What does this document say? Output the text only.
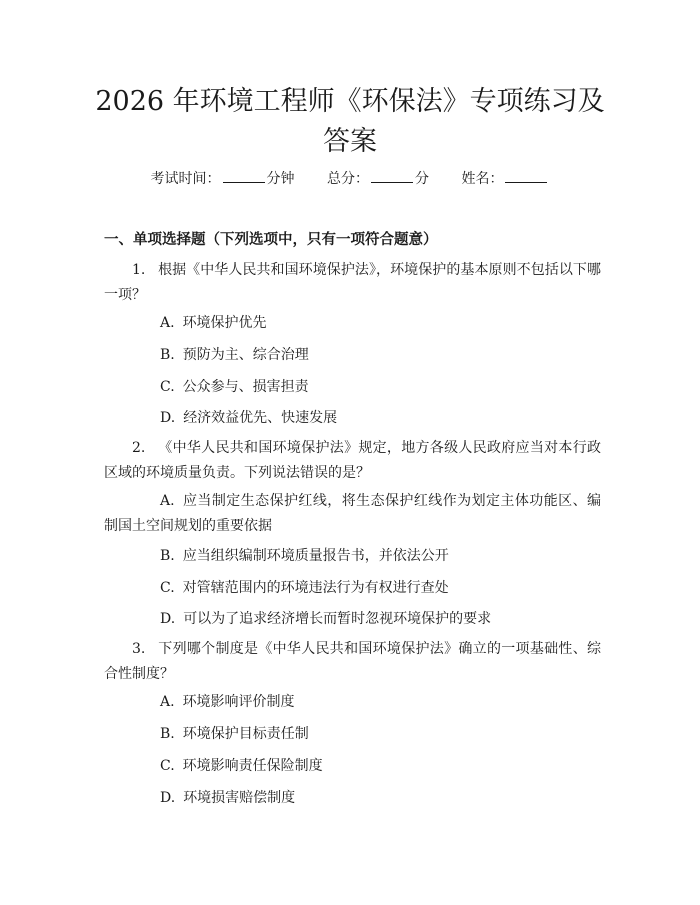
2026 年环境工程师《环保法》专项练习及答案
考试时间：	分钟 总分：	分 姓名：
一、单项选择题（下列选项中，只有一项符合题意）
1. 根据《中华人民共和国环境保护法》，环境保护的基本原则不包括以下哪一项？
A. 环境保护优先
B. 预防为主、综合治理
C. 公众参与、损害担责
D. 经济效益优先、快速发展
2. 《中华人民共和国环境保护法》规定，地方各级人民政府应当对本行政区域的环境质量负责。下列说法错误的是？
A. 应当制定生态保护红线，将生态保护红线作为划定主体功能区、编制国土空间规划的重要依据
B. 应当组织编制环境质量报告书，并依法公开
C. 对管辖范围内的环境违法行为有权进行查处
D. 可以为了追求经济增长而暂时忽视环境保护的要求
3. 下列哪个制度是《中华人民共和国环境保护法》确立的一项基础性、综合性制度？
A. 环境影响评价制度
B. 环境保护目标责任制
C. 环境影响责任保险制度
D. 环境损害赔偿制度
